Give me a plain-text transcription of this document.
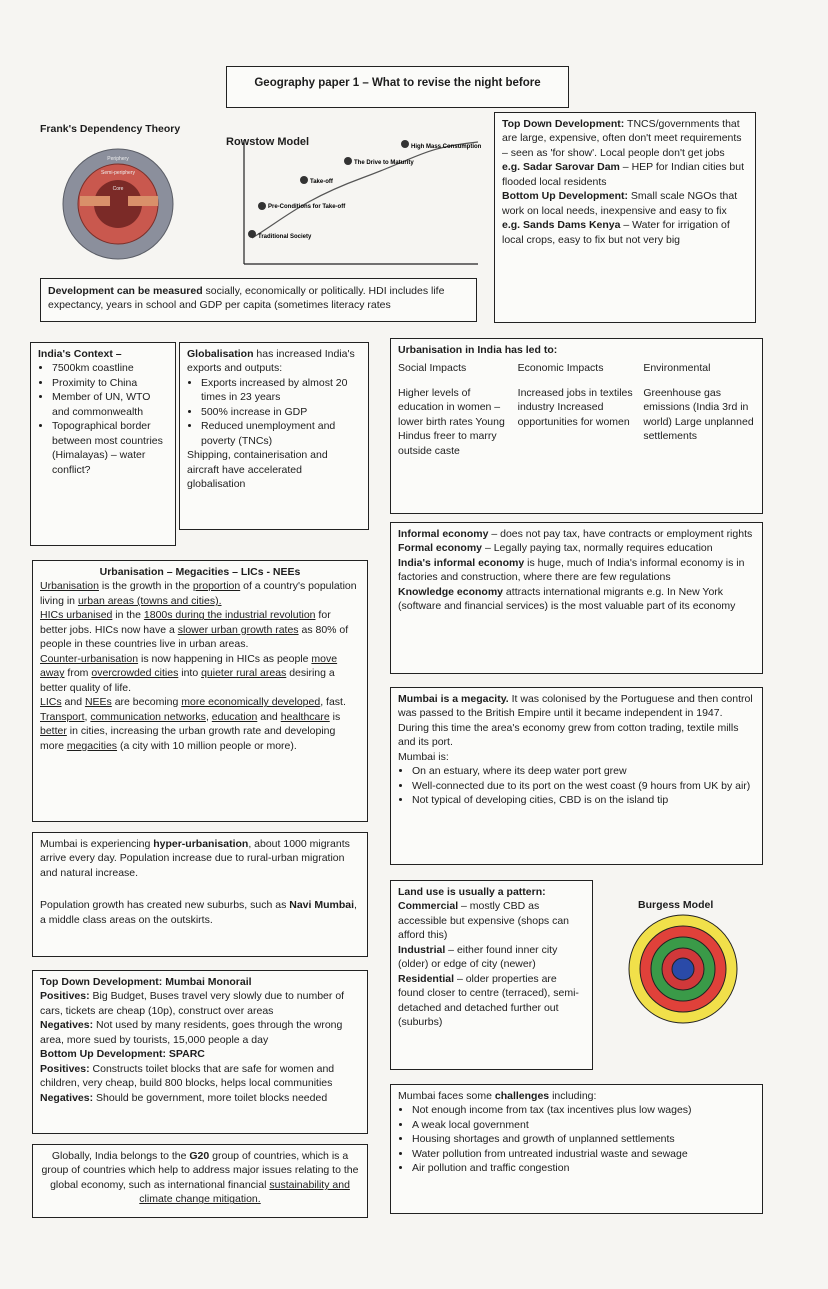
Geography paper 1 – What to revise the night before
Frank's Dependency Theory
Periphery
Semi-periphery
Core
Rowstow Model
Traditional Society
Pre-Conditions for Take-off
Take-off
The Drive to Maturity
High Mass Consumption
Development can be measured socially, economically or politically. HDI includes life expectancy, years in school and GDP per capita (sometimes literacy rates
Top Down Development: TNCS/governments that are large, expensive, often don't meet requirements – seen as 'for show'. Local people don't get jobs
e.g. Sadar Sarovar Dam – HEP for Indian cities but flooded local residents
Bottom Up Development: Small scale NGOs that work on local needs, inexpensive and easy to fix
e.g. Sands Dams Kenya – Water for irrigation of local crops, easy to fix but not very big
India's Context –
• 7500km coastline
• Proximity to China
• Member of UN, WTO and commonwealth
• Topographical border between most countries (Himalayas) – water conflict?
Globalisation has increased India's exports and outputs:
• Exports increased by almost 20 times in 23 years
• 500% increase in GDP
• Reduced unemployment and poverty (TNCs)
Shipping, containerisation and aircraft have accelerated globalisation
Urbanisation in India has led to:
Social Impacts
Higher levels of education in women – lower birth rates Young Hindus freer to marry outside caste
Economic Impacts
Increased jobs in textiles industry Increased opportunities for women
Environmental
Greenhouse gas emissions (India 3rd in world) Large unplanned settlements
Urbanisation – Megacities – LICs - NEEs
Urbanisation is the growth in the proportion of a country's population living in urban areas (towns and cities).
HICs urbanised in the 1800s during the industrial revolution for better jobs. HICs now have a slower urban growth rates as 80% of people in these countries live in urban areas.
Counter-urbanisation is now happening in HICs as people move away from overcrowded cities into quieter rural areas desiring a better quality of life.
LICs and NEEs are becoming more economically developed, fast. Transport, communication networks, education and healthcare is better in cities, increasing the urban growth rate and developing more megacities (a city with 10 million people or more).
Informal economy – does not pay tax, have contracts or employment rights
Formal economy – Legally paying tax, normally requires education
India's informal economy is huge, much of India's informal economy is in factories and construction, where there are few regulations
Knowledge economy attracts international migrants e.g. In New York (software and financial services) is the most valuable part of its economy
Mumbai is a megacity. It was colonised by the Portuguese and then control was passed to the British Empire until it became independent in 1947. During this time the area's economy grew from cotton trading, textile mills and its port.
Mumbai is:
• On an estuary, where its deep water port grew
• Well-connected due to its port on the west coast (9 hours from UK by air)
• Not typical of developing cities, CBD is on the island tip
Mumbai is experiencing hyper-urbanisation, about 1000 migrants arrive every day. Population increase due to rural-urban migration and natural increase.
Population growth has created new suburbs, such as Navi Mumbai, a middle class areas on the outskirts.
Land use is usually a pattern:
Commercial – mostly CBD as accessible but expensive (shops can afford this)
Industrial – either found inner city (older) or edge of city (newer)
Residential – older properties are found closer to centre (terraced), semi-detached and detached further out (suburbs)
Burgess Model
Top Down Development: Mumbai Monorail
Positives: Big Budget, Buses travel very slowly due to number of cars, tickets are cheap (10p), construct over areas
Negatives: Not used by many residents, goes through the wrong area, more sued by tourists, 15,000 people a day
Bottom Up Development: SPARC
Positives: Constructs toilet blocks that are safe for women and children, very cheap, build 800 blocks, helps local communities
Negatives: Should be government, more toilet blocks needed	Mumbai faces some challenges including:
• Not enough income from tax (tax incentives plus low wages)
• A weak local government
• Housing shortages and growth of unplanned settlements
• Water pollution from untreated industrial waste and sewage
• Air pollution and traffic congestion
Globally, India belongs to the G20 group of countries, which is a group of countries which help to address major issues relating to the global economy, such as international financial sustainability and climate change mitigation.
